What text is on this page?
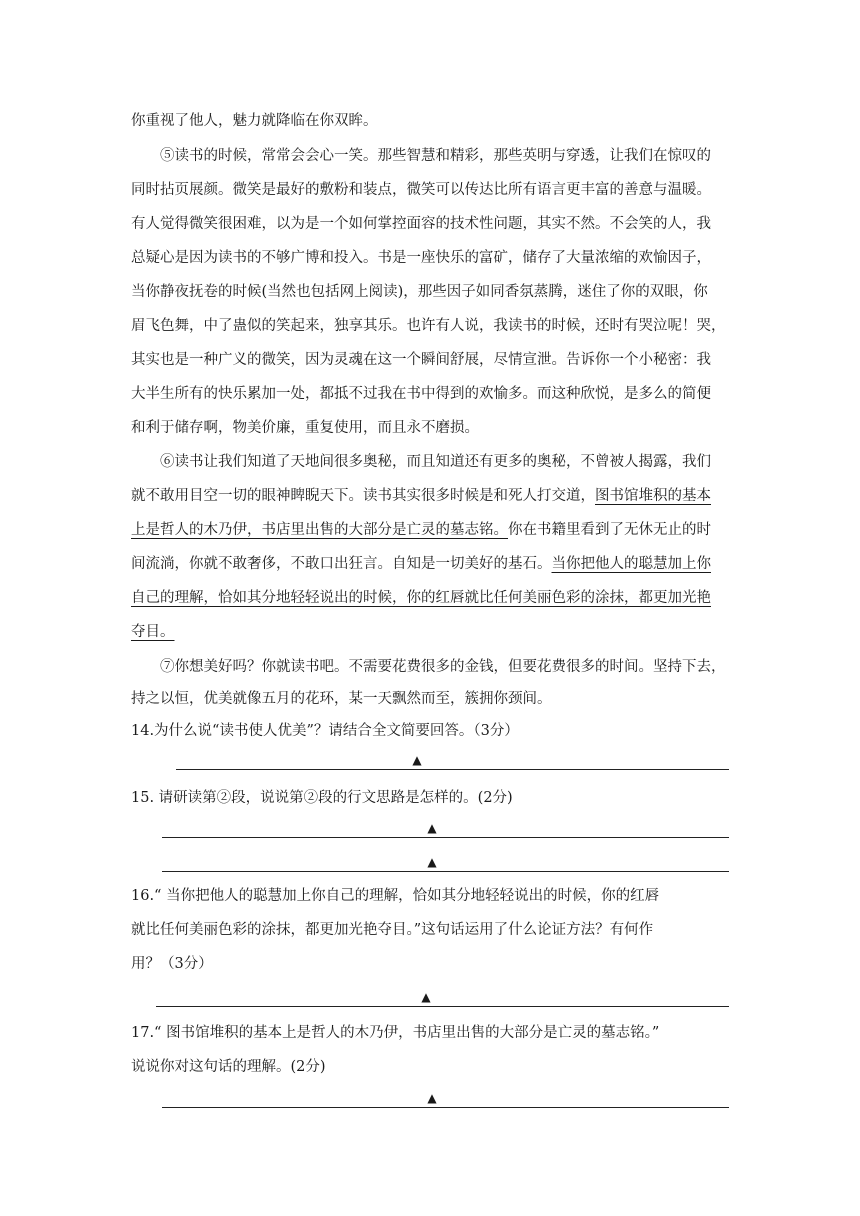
你重视了他人，魅力就降临在你双眸。

⑤读书的时候，常常会会心一笑。那些智慧和精彩，那些英明与穿透，让我们在惊叹的

同时拈页展颜。微笑是最好的敷粉和装点，微笑可以传达比所有语言更丰富的善意与温暖。

有人觉得微笑很困难，以为是一个如何掌控面容的技术性问题，其实不然。不会笑的人，我

总疑心是因为读书的不够广博和投入。书是一座快乐的富矿，储存了大量浓缩的欢愉因子，

当你静夜抚卷的时候(当然也包括网上阅读)，那些因子如同香氛蒸腾，迷住了你的双眼，你

眉飞色舞，中了蛊似的笑起来，独享其乐。也许有人说，我读书的时候，还时有哭泣呢！哭，

其实也是一种广义的微笑，因为灵魂在这一个瞬间舒展，尽情宣泄。告诉你一个小秘密：我

大半生所有的快乐累加一处，都抵不过我在书中得到的欢愉多。而这种欣悦，是多么的简便

和利于储存啊，物美价廉，重复使用，而且永不磨损。

⑥读书让我们知道了天地间很多奥秘，而且知道还有更多的奥秘，不曾被人揭露，我们

就不敢用目空一切的眼神睥睨天下。读书其实很多时候是和死人打交道，图书馆堆积的基本

上是哲人的木乃伊，书店里出售的大部分是亡灵的墓志铭。你在书籍里看到了无休无止的时

间流淌，你就不敢奢侈，不敢口出狂言。自知是一切美好的基石。当你把他人的聪慧加上你

自己的理解，恰如其分地轻轻说出的时候，你的红唇就比任何美丽色彩的涂抹，都更加光艳

夺目。

⑦你想美好吗？你就读书吧。不需要花费很多的金钱，但要花费很多的时间。坚持下去，

持之以恒，优美就像五月的花环，某一天飘然而至，簇拥你颈间。

14.为什么说“读书使人优美”？请结合全文简要回答。（3分）

▲

15. 请研读第②段，说说第②段的行文思路是怎样的。(2分)

▲
▲

16.“ 当你把他人的聪慧加上你自己的理解，恰如其分地轻轻说出的时候，你的红唇

就比任何美丽色彩的涂抹，都更加光艳夺目。”这句话运用了什么论证方法？有何作

用？（3分）

▲

17.“ 图书馆堆积的基本上是哲人的木乃伊，书店里出售的大部分是亡灵的墓志铭。”

说说你对这句话的理解。(2分)

▲
